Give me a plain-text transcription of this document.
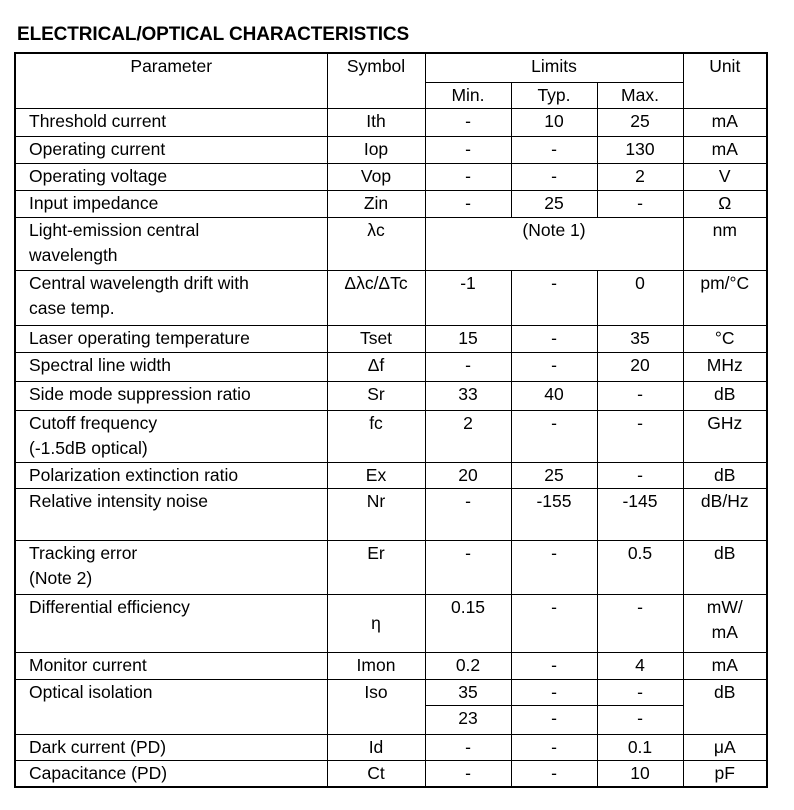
ELECTRICAL/OPTICAL CHARACTERISTICS
Parameter	Symbol	Limits			Unit
		Min.	Typ.	Max.	

Threshold current	Ith	-	10	25	mA

Operating current	Iop	-	-	130	mA

Operating voltage	Vop	-	-	2	V

Input impedance	Zin	-	25	-	Ω

Light-emission central
wavelength	λc	(Note 1)			nm

Central wavelength drift with
case temp.	Δλc/ΔTc	-1	-	0	pm/°C

Laser operating temperature	Tset	15	-	35	°C

Spectral line width	Δf	-	-	20	MHz

Side mode suppression ratio	Sr	33	40	-	dB

Cutoff frequency
(-1.5dB optical)	fc	2	-	-	GHz

Polarization extinction ratio	Ex	20	25	-	dB

Relative intensity noise	Nr	-	-155	-145	dB/Hz

Tracking error
(Note 2)	Er	-	-	0.5	dB

Differential efficiency	η	0.15	-	-	mW/
mA

Monitor current	Imon	0.2	-	4	mA

Optical isolation	Iso	35	-	-	dB

		23	-	-	

Dark current (PD)	Id	-	-	0.1	μA

Capacitance (PD)	Ct	-	-	10	pF
